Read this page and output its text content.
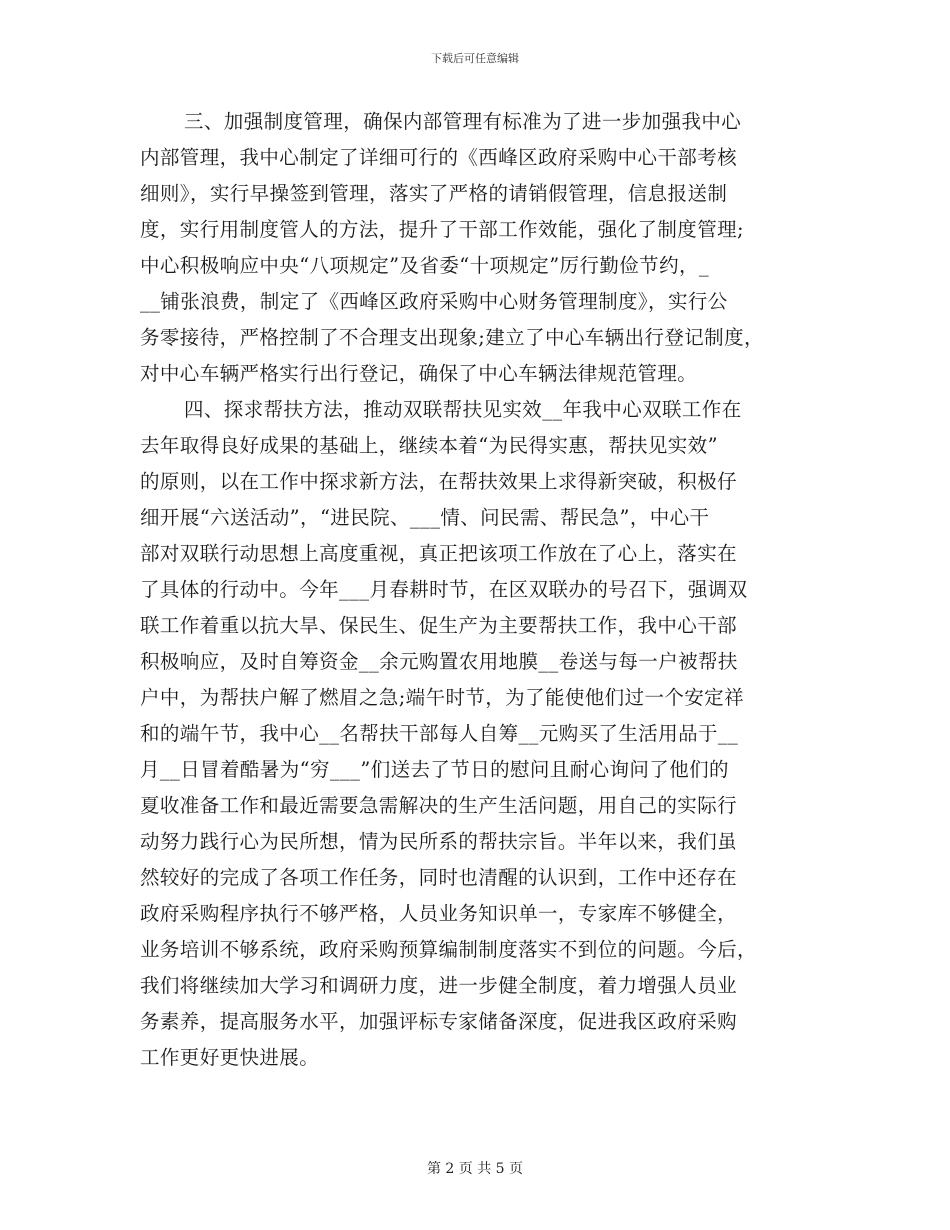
下载后可任意编辑
三、加强制度管理，确保内部管理有标准为了进一步加强我中心
内部管理，我中心制定了详细可行的《西峰区政府采购中心干部考核
细则》，实行早操签到管理，落实了严格的请销假管理，信息报送制
度，实行用制度管人的方法，提升了干部工作效能，强化了制度管理;
中心积极响应中央“八项规定”及省委“十项规定”厉行勤俭节约，_
__铺张浪费，制定了《西峰区政府采购中心财务管理制度》，实行公
务零接待，严格控制了不合理支出现象;建立了中心车辆出行登记制度，
对中心车辆严格实行出行登记，确保了中心车辆法律规范管理。
四、探求帮扶方法，推动双联帮扶见实效__年我中心双联工作在
去年取得良好成果的基础上，继续本着“为民得实惠，帮扶见实效”
的原则，以在工作中探求新方法，在帮扶效果上求得新突破，积极仔
细开展“六送活动”，“进民院、___情、问民需、帮民急”，中心干
部对双联行动思想上高度重视，真正把该项工作放在了心上，落实在
了具体的行动中。今年___月春耕时节，在区双联办的号召下，强调双
联工作着重以抗大旱、保民生、促生产为主要帮扶工作，我中心干部
积极响应，及时自筹资金__余元购置农用地膜__卷送与每一户被帮扶
户中，为帮扶户解了燃眉之急;端午时节，为了能使他们过一个安定祥
和的端午节，我中心__名帮扶干部每人自筹__元购买了生活用品于__
月__日冒着酷暑为“穷___”们送去了节日的慰问且耐心询问了他们的
夏收准备工作和最近需要急需解决的生产生活问题，用自己的实际行
动努力践行心为民所想，情为民所系的帮扶宗旨。半年以来，我们虽
然较好的完成了各项工作任务，同时也清醒的认识到，工作中还存在
政府采购程序执行不够严格，人员业务知识单一，专家库不够健全，
业务培训不够系统，政府采购预算编制制度落实不到位的问题。今后，
我们将继续加大学习和调研力度，进一步健全制度，着力增强人员业
务素养，提高服务水平，加强评标专家储备深度，促进我区政府采购
工作更好更快进展。
第 2 页 共 5 页
